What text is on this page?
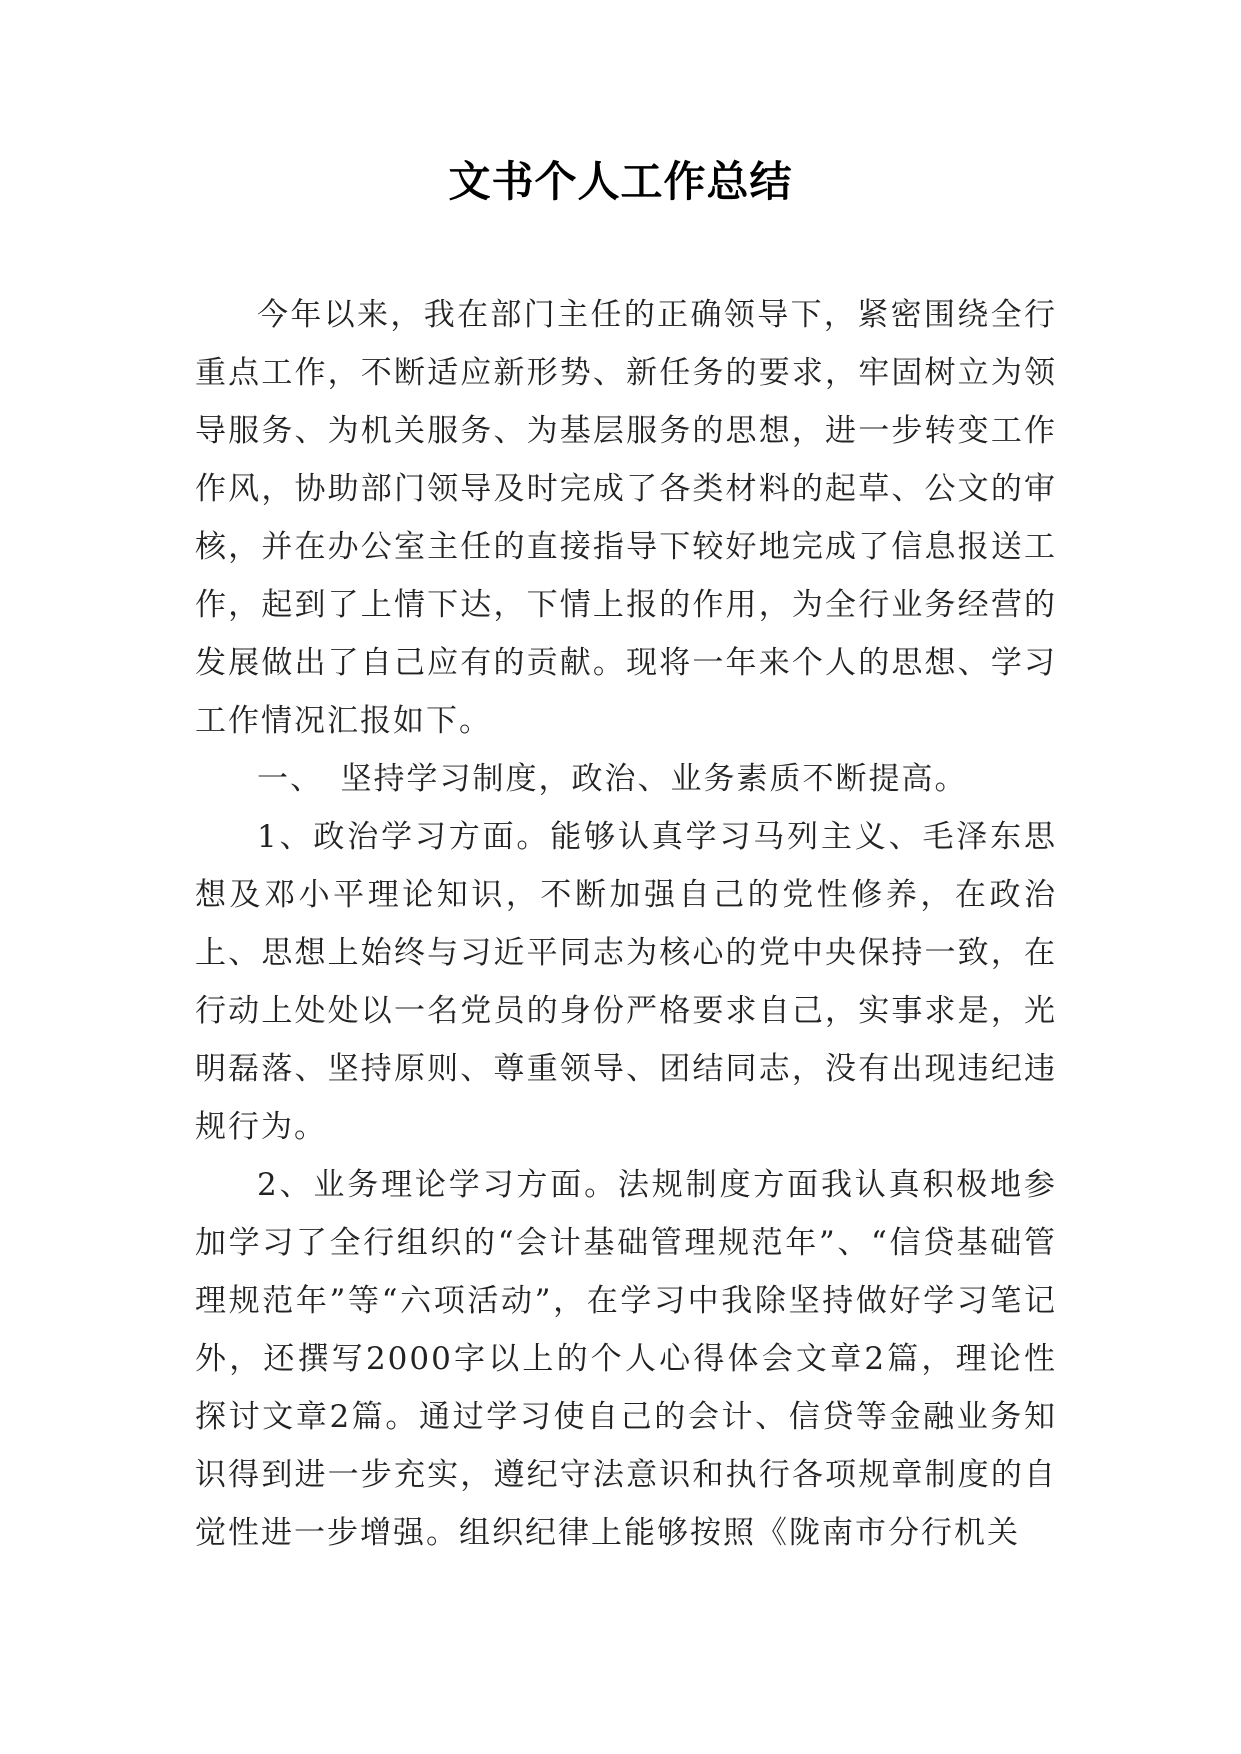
文书个人工作总结

今年以来，我在部门主任的正确领导下，紧密围绕全行重点工作，不断适应新形势、新任务的要求，牢固树立为领导服务、为机关服务、为基层服务的思想，进一步转变工作作风，协助部门领导及时完成了各类材料的起草、公文的审核，并在办公室主任的直接指导下较好地完成了信息报送工作，起到了上情下达，下情上报的作用，为全行业务经营的发展做出了自己应有的贡献。现将一年来个人的思想、学习工作情况汇报如下。

一、　坚持学习制度，政治、业务素质不断提高。

1、政治学习方面。能够认真学习马列主义、毛泽东思想及邓小平理论知识，不断加强自己的党性修养，在政治上、思想上始终与习近平同志为核心的党中央保持一致，在行动上处处以一名党员的身份严格要求自己，实事求是，光明磊落、坚持原则、尊重领导、团结同志，没有出现违纪违规行为。

2、业务理论学习方面。法规制度方面我认真积极地参加学习了全行组织的“会计基础管理规范年”、“信贷基础管理规范年”等“六项活动”，在学习中我除坚持做好学习笔记外，还撰写2000字以上的个人心得体会文章2篇，理论性探讨文章2篇。通过学习使自己的会计、信贷等金融业务知识得到进一步充实，遵纪守法意识和执行各项规章制度的自觉性进一步增强。组织纪律上能够按照《陇南市分行机关
